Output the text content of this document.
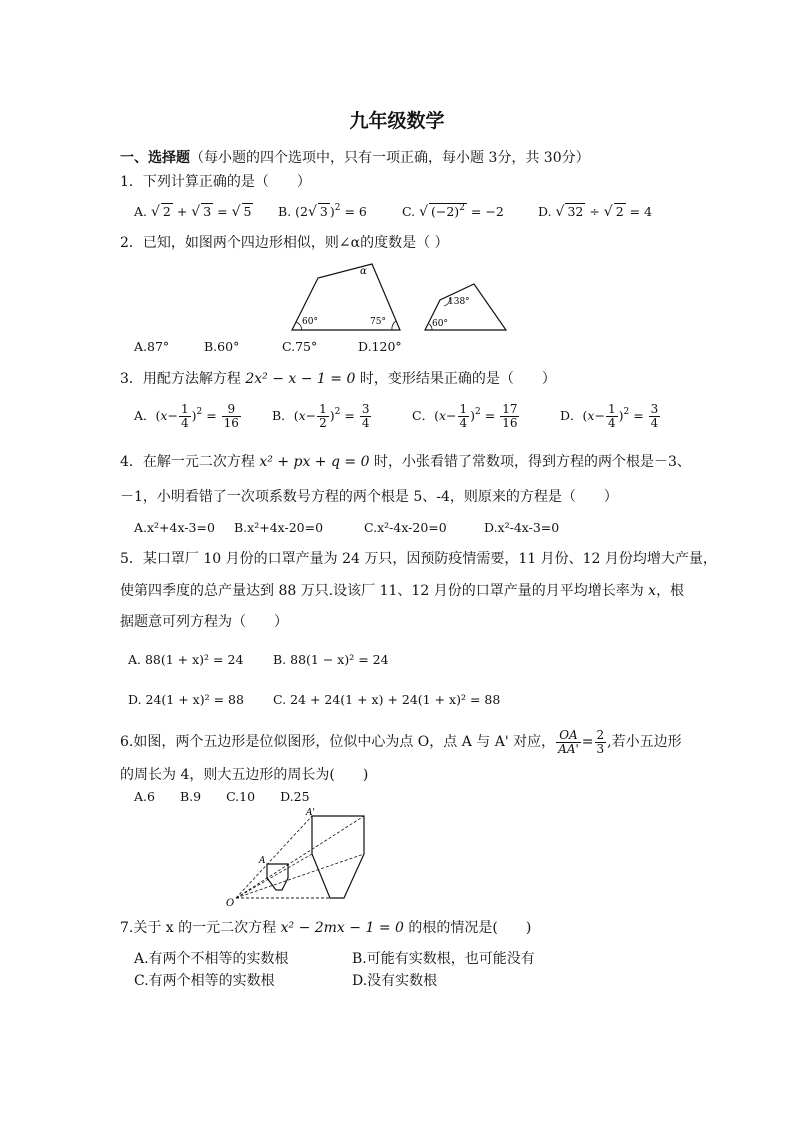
九年级数学
一、选择题（每小题的四个选项中，只有一项正确，每小题 3分，共 30分）
1．下列计算正确的是（　　）
A. √ 2 + √ 3 = √ 5 B. (2√ 3 )$^2$ = 6	C. √ $(-2)^2 = -2$	D. √ 32 ÷ √ 2 = 4
2．已知，如图两个四边形相似，则∠α的度数是（ ）
α
60°	75°
138°
60°
A.87°	B.60°	C.75°	D.120°
3．用配方法解方程 2x² − x − 1 = 0 时，变形结果正确的是（　　）
A．$(x- \frac{1}{4} )^2 = \frac{9}{16}$ B．$(x- \frac{1}{2} )^2 = \frac{3}{4}$	C．$(x- \frac{1}{4} )^2 = \frac{17}{16}$	D．$(x- \frac{1}{4} )^2 = \frac{3}{4}$
4．在解一元二次方程 x² + px + q = 0 时，小张看错了常数项，得到方程的两个根是－3、
－1，小明看错了一次项系数号方程的两个根是 5、-4，则原来的方程是（　　）
A.x²+4x-3=0 B.x²+4x-20=0	C.x²-4x-20=0	D.x²-4x-3=0
5．某口罩厂 10 月份的口罩产量为 24 万只，因预防疫情需要，11 月份、12 月份均增大产量，
使第四季度的总产量达到 88 万只.设该厂 11、12 月份的口罩产量的月平均增长率为 x，根
据题意可列方程为（　　）
A. 88(1 + x)² = 24 B. 88(1 − x)² = 24
D. 24(1 + x)² = 88 C. 24 + 24(1 + x) + 24(1 + x)² = 88
6.如图，两个五边形是位似图形，位似中心为点 O，点 A 与 A' 对应， $\frac{OA}{AA'} = \frac{2}{3}$ ,若小五边形
的周长为 4，则大五边形的周长为(　　)
A.6　　B.9　　C.10　　D.25
O
A
A'
7.关于 x 的一元二次方程 x² − 2mx − 1 = 0 的根的情况是(　　)
A.有两个不相等的实数根	B.可能有实数根，也可能没有
C.有两个相等的实数根	D.没有实数根
